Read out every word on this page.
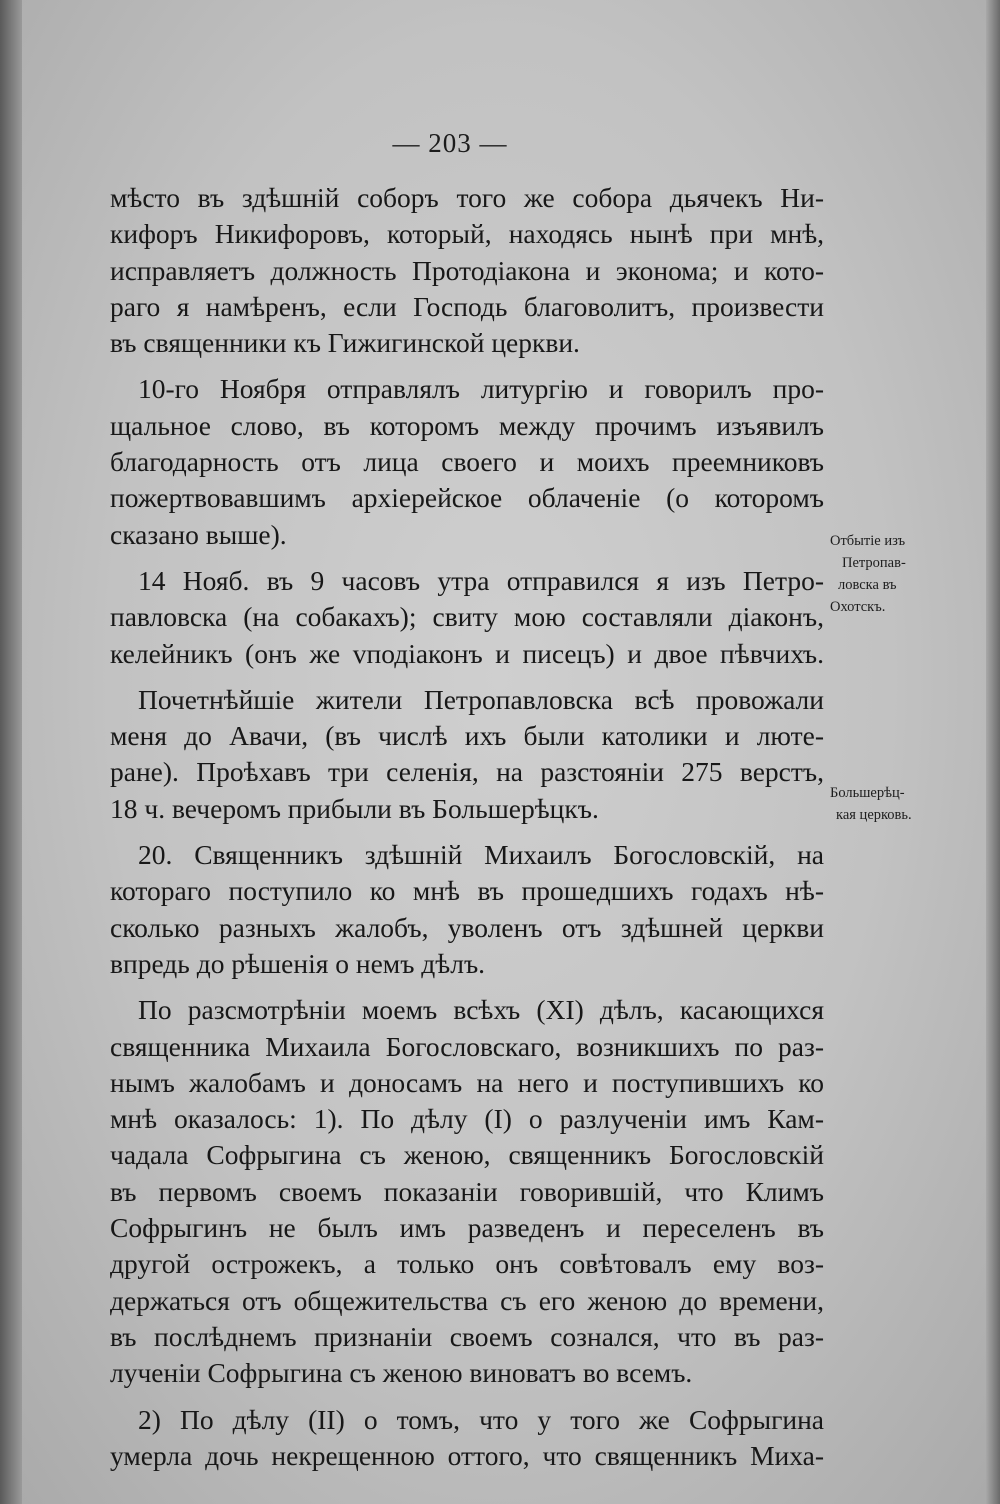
— 203 —

мѣсто въ здѣшній соборъ того же собора дьячекъ Ни-
кифоръ Никифоровъ, который, находясь нынѣ при мнѣ,
исправляетъ должность Протодіакона и эконома; и кото-
раго я намѣренъ, если Господь благоволитъ, произвести
въ священники къ Гижигинской церкви.

10-го Ноября отправлялъ литургію и говорилъ про-
щальное слово, въ которомъ между прочимъ изъявилъ
благодарность отъ лица своего и моихъ преемниковъ
пожертвовавшимъ архіерейское облаченіе (о которомъ
сказано выше).

14 Нояб. въ 9 часовъ утра отправился я изъ Петро-
павловска (на собакахъ); свиту мою составляли діаконъ,
келейникъ (онъ же vподіаконъ и писецъ) и двое пѣвчихъ.

Почетнѣйшіе жители Петропавловска всѣ провожали
меня до Авачи, (въ числѣ ихъ были католики и люте-
ране). Проѣхавъ три селенія, на разстояніи 275 верстъ,
18 ч. вечеромъ прибыли въ Большерѣцкъ.

20. Священникъ здѣшній Михаилъ Богословскій, на
котораго поступило ко мнѣ въ прошедшихъ годахъ нѣ-
сколько разныхъ жалобъ, уволенъ отъ здѣшней церкви
впредь до рѣшенія о немъ дѣлъ.

По разсмотрѣніи моемъ всѣхъ (XI) дѣлъ, касающихся
священника Михаила Богословскаго, возникшихъ по раз-
нымъ жалобамъ и доносамъ на него и поступившихъ ко
мнѣ оказалось: 1). По дѣлу (I) о разлученіи имъ Кам-
чадала Софрыгина съ женою, священникъ Богословскій
въ первомъ своемъ показаніи говорившій, что Климъ
Софрыгинъ не былъ имъ разведенъ и переселенъ въ
другой острожекъ, а только онъ совѣтовалъ ему воз-
держаться отъ общежительства съ его женою до времени,
въ послѣднемъ признаніи своемъ сознался, что въ раз-
лученіи Софрыгина съ женою виноватъ во всемъ.

2) По дѣлу (II) о томъ, что у того же Софрыгина
умерла дочь некрещенною оттого, что священникъ Миха-

Отбытіе изъ
Петропав-
ловска въ
Охотскъ.
Большерѣц-
кая церковь.
